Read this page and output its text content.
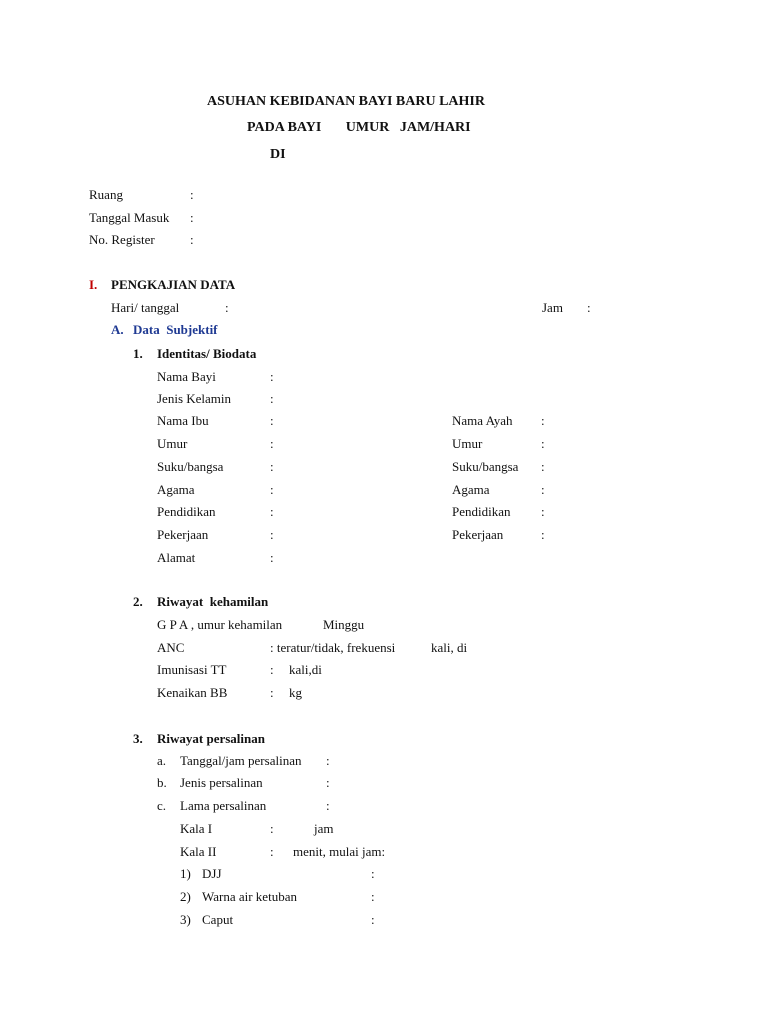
ASUHAN KEBIDANAN BAYI BARU LAHIR
PADA BAYI       UMUR   JAM/HARI
DI
Ruang	:
Tanggal Masuk :
No. Register	:
I. PENGKAJIAN DATA
Hari/ tanggal	:	Jam :
A. Data  Subjektif
1. Identitas/ Biodata
Nama Bayi	:
Jenis Kelamin	:
Nama Ibu	:	Nama Ayah :
Umur	:	Umur	:
Suku/bangsa	:	Suku/bangsa :
Agama	:	Agama	:
Pendidikan	:	Pendidikan :
Pekerjaan	:	Pekerjaan	:
Alamat	:
2. Riwayat  kehamilan
G P A , umur kehamilan	Minggu
ANC	: teratur/tidak, frekuensi	kali, di
Imunisasi TT	: kali,di
Kenaikan BB	: kg
3. Riwayat persalinan
a. Tanggal/jam persalinan :
b. Jenis persalinan	:
c. Lama persalinan	:
Kala I	:	jam
Kala II	: menit, mulai jam:
1) DJJ	:
2) Warna air ketuban	:
3) Caput	:
